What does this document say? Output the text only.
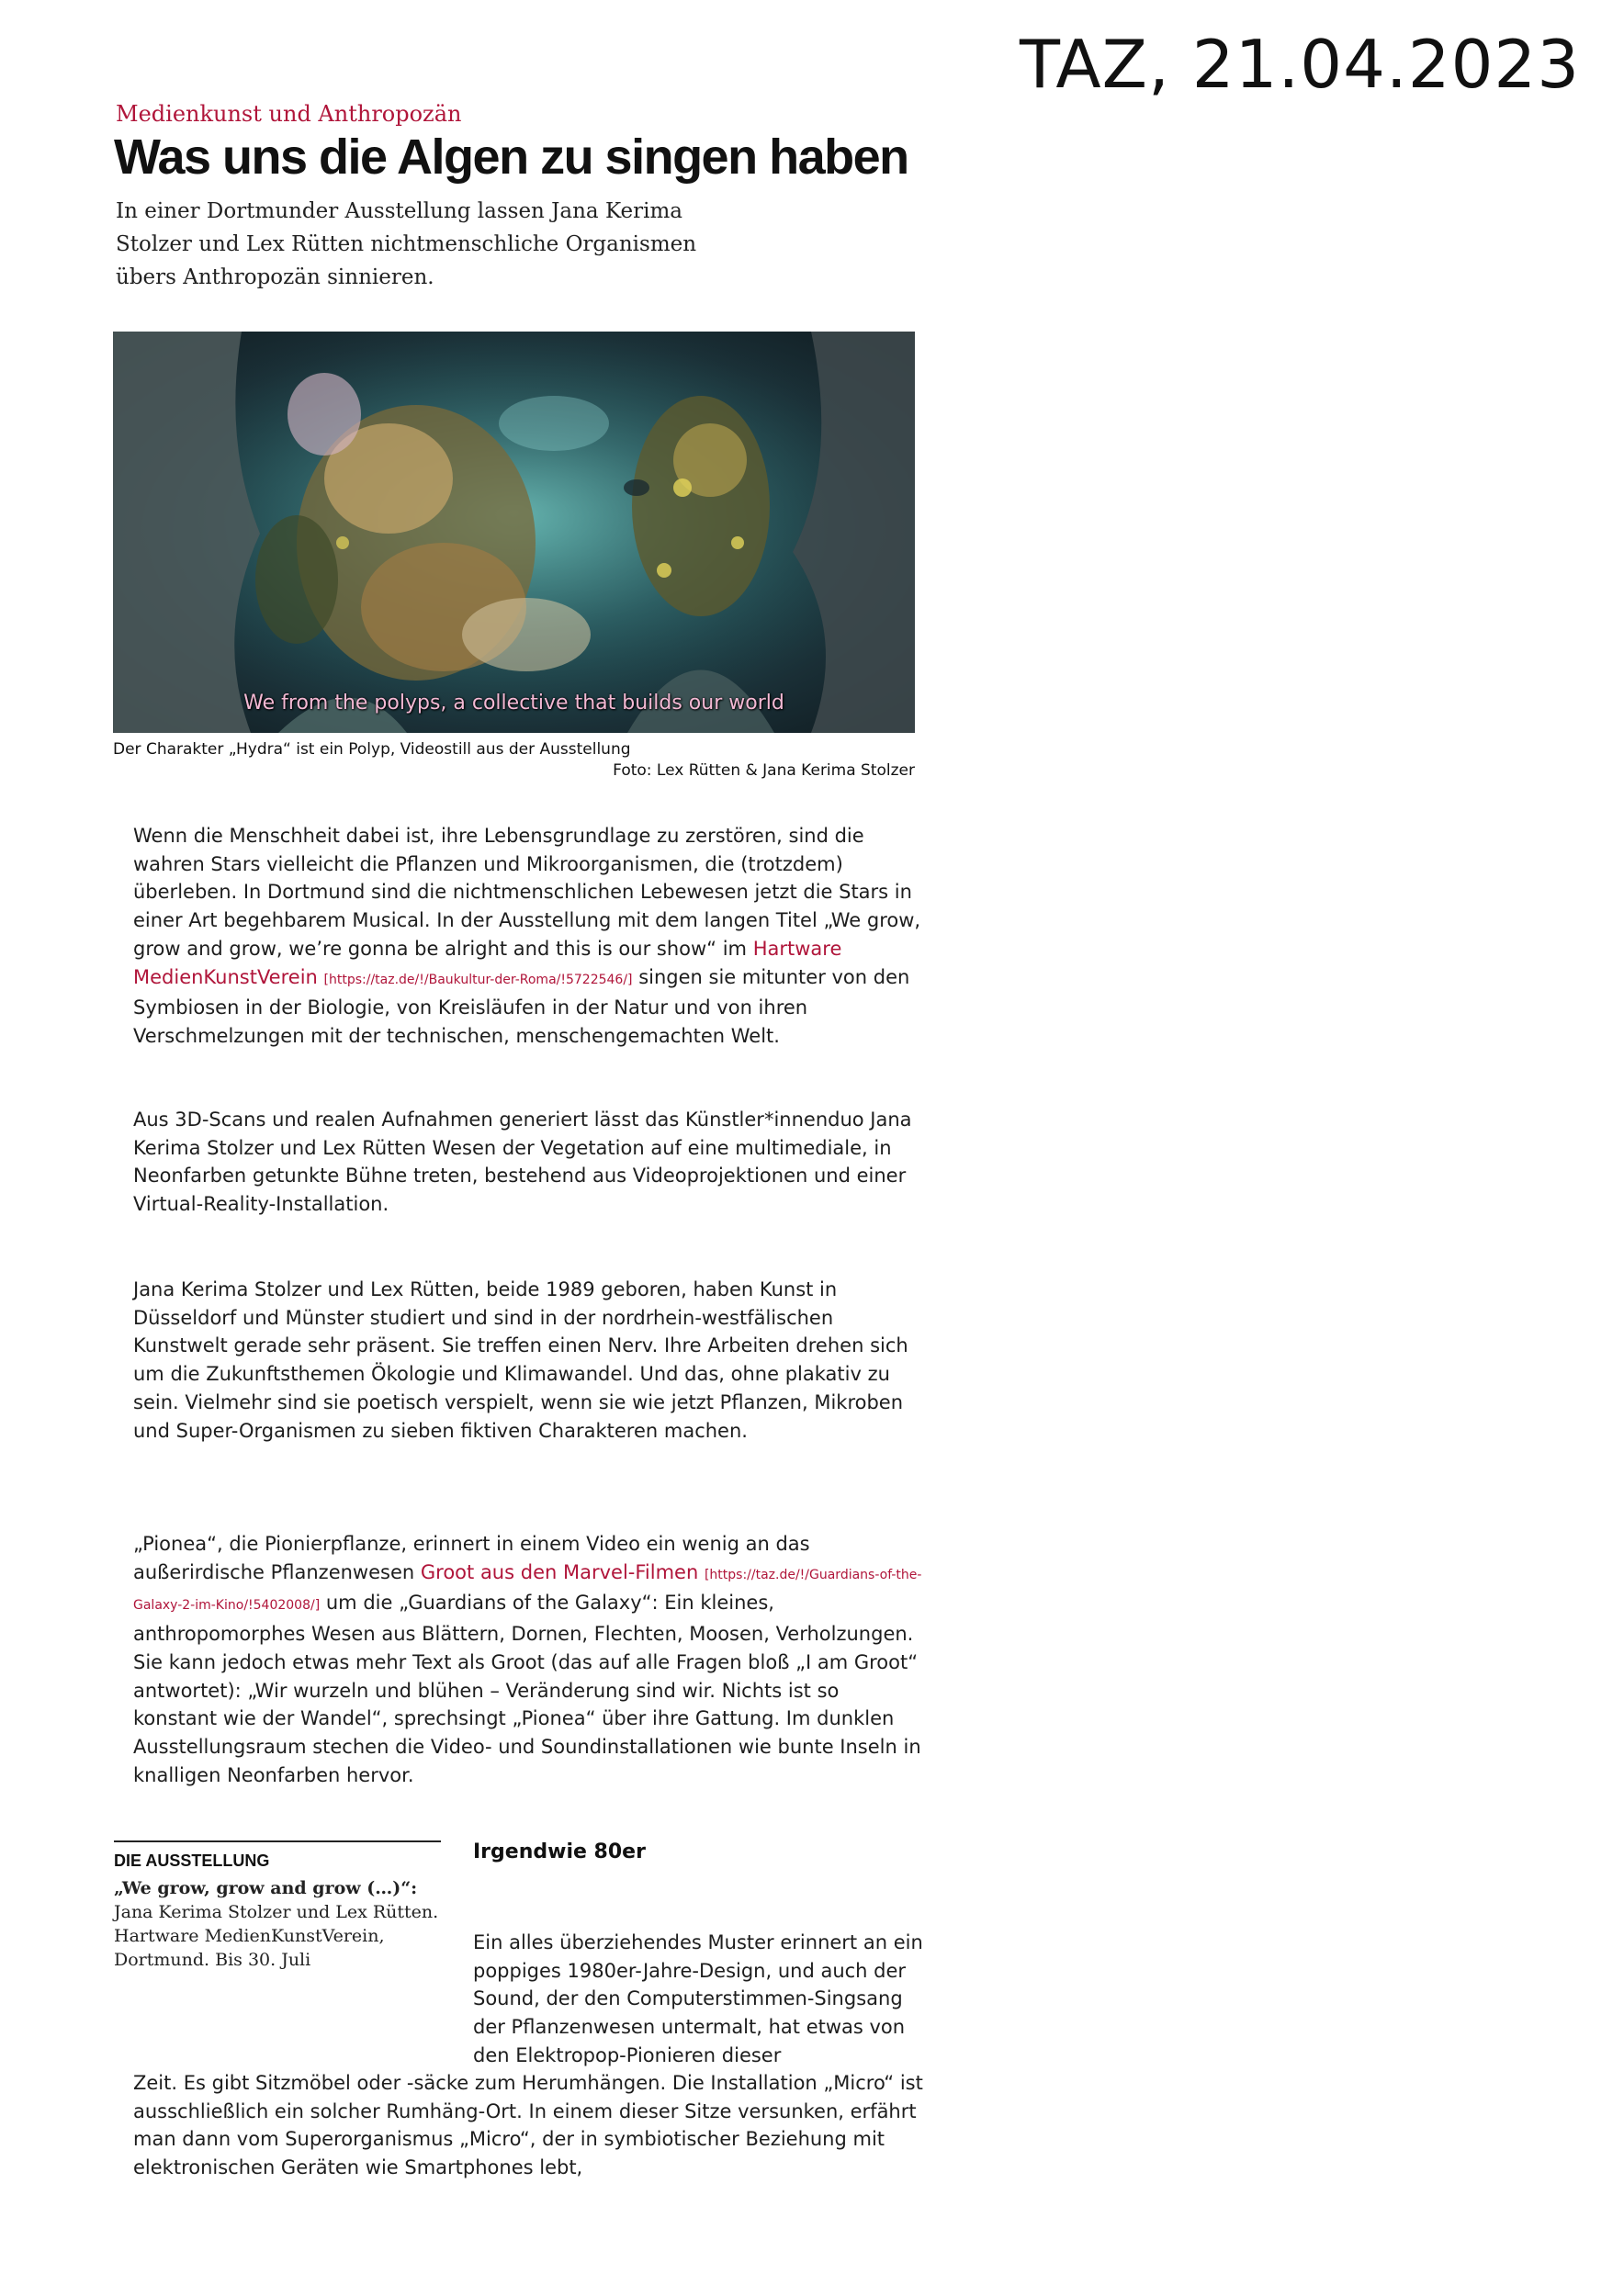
TAZ, 21.04.2023
Medienkunst und Anthropozän
Was uns die Algen zu singen haben

In einer Dortmunder Ausstellung lassen Jana Kerima Stolzer und Lex Rütten nichtmenschliche Organismen übers Anthropozän sinnieren.

We from the polyps, a collective that builds our world
Der Charakter „Hydra“ ist ein Polyp, Videostill aus der Ausstellung
Foto: Lex Rütten & Jana Kerima Stolzer

Wenn die Menschheit dabei ist, ihre Lebensgrundlage zu zerstören, sind die wahren Stars vielleicht die Pflanzen und Mikroorganismen, die (trotzdem) überleben. In Dortmund sind die nichtmenschlichen Lebewesen jetzt die Stars in einer Art begehbarem Musical. In der Ausstellung mit dem langen Titel „We grow, grow and grow, we’re gonna be alright and this is our show“ im Hartware MedienKunstVerein [https://taz.de/!/Baukultur-der-Roma/!5722546/] singen sie mitunter von den Symbiosen in der Biologie, von Kreisläufen in der Natur und von ihren Verschmelzungen mit der technischen, menschengemachten Welt.

Aus 3D-Scans und realen Aufnahmen generiert lässt das Künstler*innenduo Jana Kerima Stolzer und Lex Rütten Wesen der Vegetation auf eine multimediale, in Neonfarben getunkte Bühne treten, bestehend aus Videoprojektionen und einer Virtual-Reality-Installation.

Jana Kerima Stolzer und Lex Rütten, beide 1989 geboren, haben Kunst in Düsseldorf und Münster studiert und sind in der nordrhein-westfälischen Kunstwelt gerade sehr präsent. Sie treffen einen Nerv. Ihre Arbeiten drehen sich um die Zukunftsthemen Ökologie und Klimawandel. Und das, ohne plakativ zu sein. Vielmehr sind sie poetisch verspielt, wenn sie wie jetzt Pflanzen, Mikroben und Super-Organismen zu sieben fiktiven Charakteren machen.

„Pionea“, die Pionierpflanze, erinnert in einem Video ein wenig an das außerirdische Pflanzenwesen Groot aus den Marvel-Filmen [https://taz.de/!/Guardians-of-the-Galaxy-2-im-Kino/!5402008/] um die „Guardians of the Galaxy“: Ein kleines, anthropomorphes Wesen aus Blättern, Dornen, Flechten, Moosen, Verholzungen. Sie kann jedoch etwas mehr Text als Groot (das auf alle Fragen bloß „I am Groot“ antwortet): „Wir wurzeln und blühen – Veränderung sind wir. Nichts ist so konstant wie der Wandel“, sprechsingt „Pionea“ über ihre Gattung. Im dunklen Ausstellungsraum stechen die Video- und Soundinstallationen wie bunte Inseln in knalligen Neonfarben hervor.

DIE AUSSTELLUNG
„We grow, grow and grow (…)“:
Jana Kerima Stolzer und Lex Rütten. Hartware MedienKunstVerein, Dortmund. Bis 30. Juli
Irgendwie 80er

Ein alles überziehendes Muster erinnert an ein poppiges 1980er-Jahre-Design, und auch der Sound, der den Computerstimmen-Singsang der Pflanzenwesen untermalt, hat etwas von den Elektropop-Pionieren dieser

Zeit. Es gibt Sitzmöbel oder -säcke zum Herumhängen. Die Installation „Micro“ ist ausschließlich ein solcher Rumhäng-Ort. In einem dieser Sitze versunken, erfährt man dann vom Superorganismus „Micro“, der in symbiotischer Beziehung mit elektronischen Geräten wie Smartphones lebt,
